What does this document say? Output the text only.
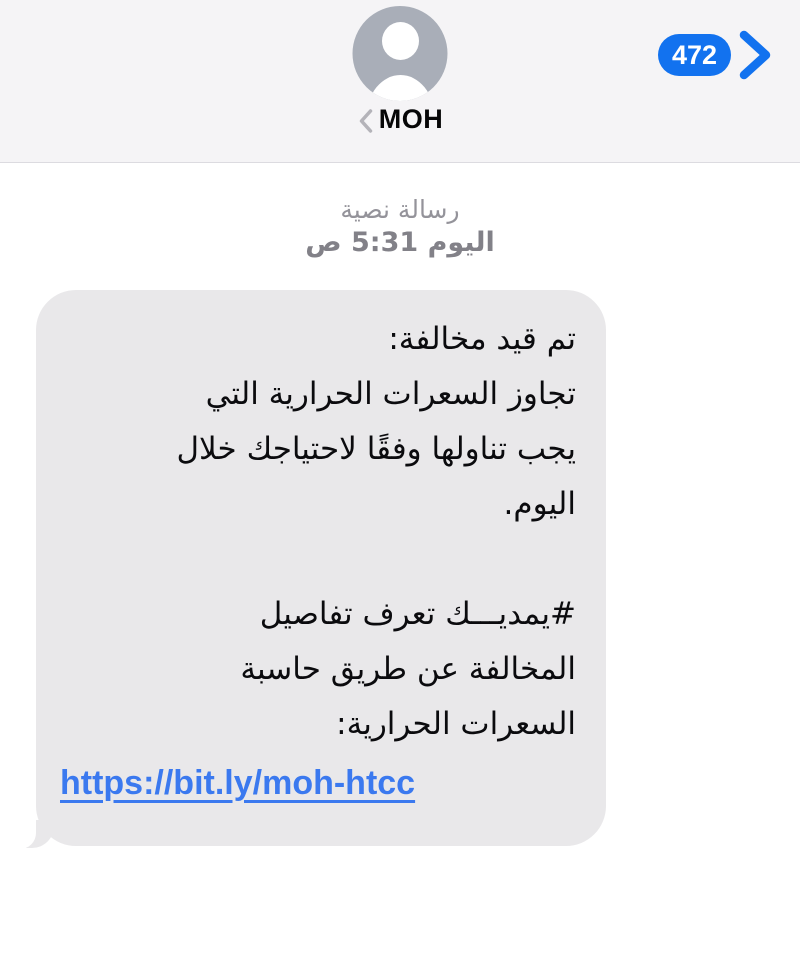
472
MOH
رسالة نصية
اليوم 5:31 ص
تم قيد مخالفة:
تجاوز السعرات الحرارية التي
يجب تناولها وفقًا لاحتياجك خلال
اليوم.
#يمديـــك تعرف تفاصيل
المخالفة عن طريق حاسبة
السعرات الحرارية:
https://bit.ly/moh-htcc
